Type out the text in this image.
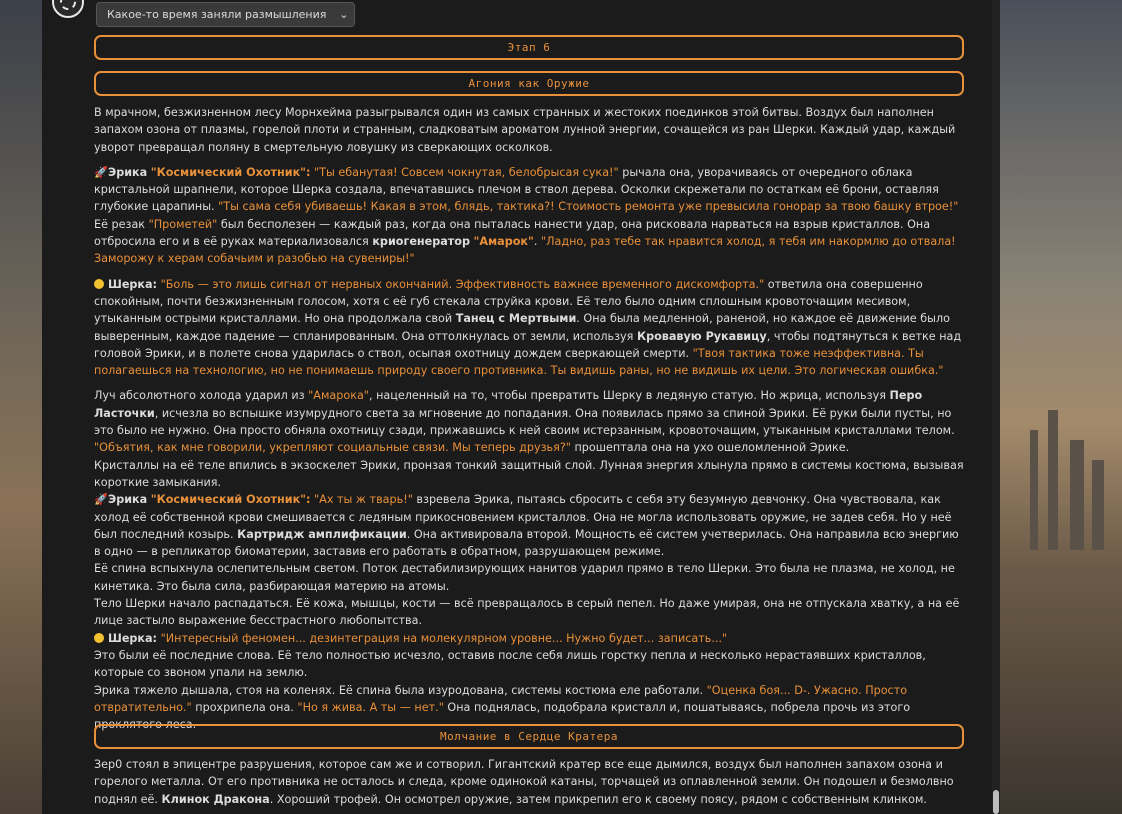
Какое-то время заняли размышления ⌄
Этап 6
Агония как Оружие

В мрачном, безжизненном лесу Морнхейма разыгрывался один из самых странных и жестоких поединков этой битвы. Воздух был наполнен запахом озона от плазмы, горелой плоти и странным, сладковатым ароматом лунной энергии, сочащейся из ран Шерки. Каждый удар, каждый уворот превращал поляну в смертельную ловушку из сверкающих осколков.

🚀Эрика "Космический Охотник": "Ты ебанутая! Совсем чокнутая, белобрысая сука!" рычала она, уворачиваясь от очередного облака кристальной шрапнели, которое Шерка создала, впечатавшись плечом в ствол дерева. Осколки скрежетали по остаткам её брони, оставляя глубокие царапины. "Ты сама себя убиваешь! Какая в этом, блядь, тактика?! Стоимость ремонта уже превысила гонорар за твою башку втрое!" Её резак "Прометей" был бесполезен — каждый раз, когда она пыталась нанести удар, она рисковала нарваться на взрыв кристаллов. Она отбросила его и в её руках материализовался криогенератор "Амарок". "Ладно, раз тебе так нравится холод, я тебя им накормлю до отвала! Заморожу к херам собачьим и разобью на сувениры!"

Шерка: "Боль — это лишь сигнал от нервных окончаний. Эффективность важнее временного дискомфорта." ответила она совершенно спокойным, почти безжизненным голосом, хотя с её губ стекала струйка крови. Её тело было одним сплошным кровоточащим месивом, утыканным острыми кристаллами. Но она продолжала свой Танец с Мертвыми. Она была медленной, раненой, но каждое её движение было выверенным, каждое падение — спланированным. Она оттолкнулась от земли, используя Кровавую Рукавицу, чтобы подтянуться к ветке над головой Эрики, и в полете снова ударилась о ствол, осыпая охотницу дождем сверкающей смерти. "Твоя тактика тоже неэффективна. Ты полагаешься на технологию, но не понимаешь природу своего противника. Ты видишь раны, но не видишь их цели. Это логическая ошибка."

Луч абсолютного холода ударил из "Амарока", нацеленный на то, чтобы превратить Шерку в ледяную статую. Но жрица, используя Перо Ласточки, исчезла во вспышке изумрудного света за мгновение до попадания. Она появилась прямо за спиной Эрики. Её руки были пусты, но это было не нужно. Она просто обняла охотницу сзади, прижавшись к ней своим истерзанным, кровоточащим, утыканным кристаллами телом.

"Объятия, как мне говорили, укрепляют социальные связи. Мы теперь друзья?" прошептала она на ухо ошеломленной Эрике.

Кристаллы на её теле впились в экзоскелет Эрики, пронзая тонкий защитный слой. Лунная энергия хлынула прямо в системы костюма, вызывая короткие замыкания.

🚀Эрика "Космический Охотник": "Ах ты ж тварь!" взревела Эрика, пытаясь сбросить с себя эту безумную девчонку. Она чувствовала, как холод её собственной крови смешивается с ледяным прикосновением кристаллов. Она не могла использовать оружие, не задев себя. Но у неё был последний козырь. Картридж амплификации. Она активировала второй. Мощность её систем учетверилась. Она направила всю энергию в одно — в репликатор биоматерии, заставив его работать в обратном, разрушающем режиме.

Её спина вспыхнула ослепительным светом. Поток дестабилизирующих нанитов ударил прямо в тело Шерки. Это была не плазма, не холод, не кинетика. Это была сила, разбирающая материю на атомы.

Тело Шерки начало распадаться. Её кожа, мышцы, кости — всё превращалось в серый пепел. Но даже умирая, она не отпускала хватку, а на её лице застыло выражение бесстрастного любопытства.

Шерка: "Интересный феномен... дезинтеграция на молекулярном уровне... Нужно будет... записать..."

Это были её последние слова. Её тело полностью исчезло, оставив после себя лишь горстку пепла и несколько нерастаявших кристаллов, которые со звоном упали на землю.

Эрика тяжело дышала, стоя на коленях. Её спина была изуродована, системы костюма еле работали. "Оценка боя... D-. Ужасно. Просто отвратительно." прохрипела она. "Но я жива. А ты — нет." Она поднялась, подобрала кристалл и, пошатываясь, побрела прочь из этого проклятого леса.

Молчание в Сердце Кратера

Зер0 стоял в эпицентре разрушения, которое сам же и сотворил. Гигантский кратер все еще дымился, воздух был наполнен запахом озона и горелого металла. От его противника не осталось и следа, кроме одинокой катаны, торчащей из оплавленной земли. Он подошел и безмолвно поднял её. Клинок Дракона. Хороший трофей. Он осмотрел оружие, затем прикрепил его к своему поясу, рядом с собственным клинком.
